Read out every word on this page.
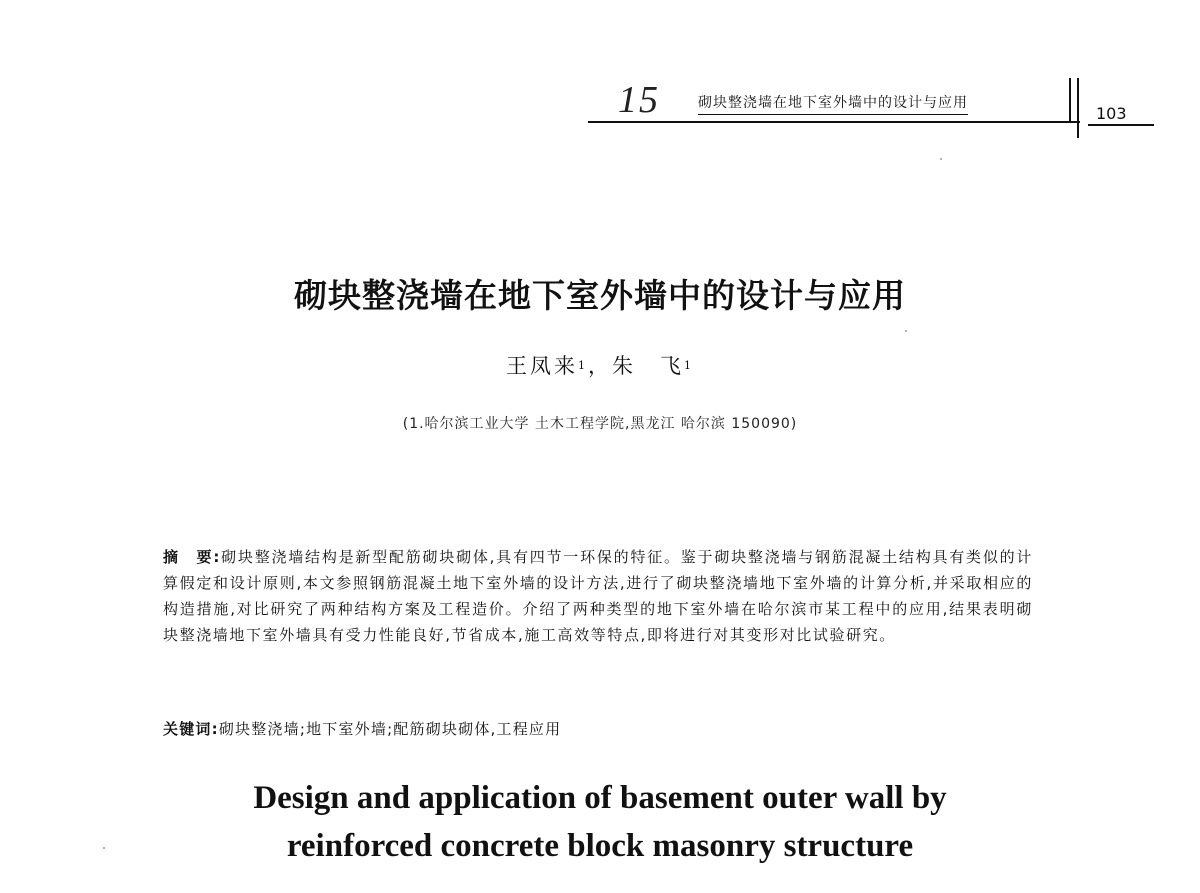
15	砌块整浇墙在地下室外墙中的设计与应用
103
砌块整浇墙在地下室外墙中的设计与应用
王凤来$^1$，朱　飞$^1$
(1.哈尔滨工业大学 土木工程学院,黑龙江 哈尔滨 150090)

摘　要:砌块整浇墙结构是新型配筋砌块砌体,具有四节一环保的特征。鉴于砌块整浇墙与钢筋混凝土结构具有类似的计算假定和设计原则,本文参照钢筋混凝土地下室外墙的设计方法,进行了砌块整浇墙地下室外墙的计算分析,并采取相应的构造措施,对比研究了两种结构方案及工程造价。介绍了两种类型的地下室外墙在哈尔滨市某工程中的应用,结果表明砌块整浇墙地下室外墙具有受力性能良好,节省成本,施工高效等特点,即将进行对其变形对比试验研究。

关键词:砌块整浇墙;地下室外墙;配筋砌块砌体,工程应用

Design and application of basement outer wall by
reinforced concrete block masonry structure
